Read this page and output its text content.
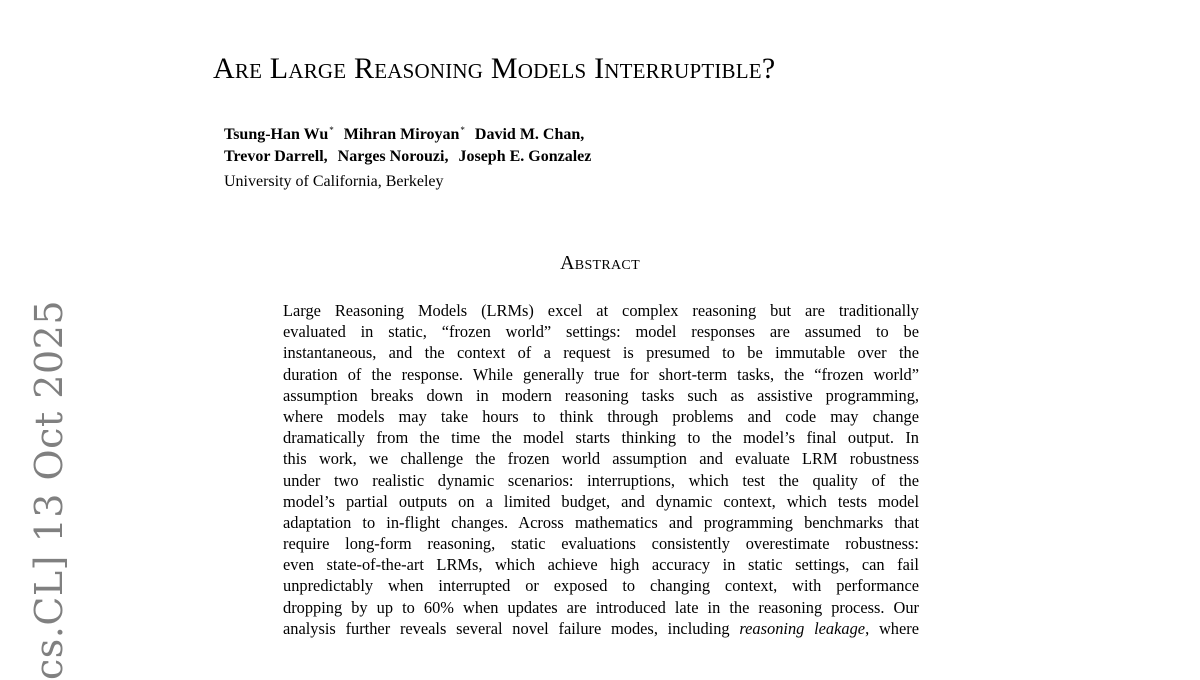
cs.CL] 13 Oct 2025
Are Large Reasoning Models Interruptible?
Tsung-Han Wu* Mihran Miroyan* David M. Chan,
Trevor Darrell, Narges Norouzi, Joseph E. Gonzalez
University of California, Berkeley
Abstract
Large Reasoning Models (LRMs) excel at complex reasoning but are traditionally
evaluated in static, “frozen world” settings: model responses are assumed to be
instantaneous, and the context of a request is presumed to be immutable over the
duration of the response. While generally true for short-term tasks, the “frozen world”
assumption breaks down in modern reasoning tasks such as assistive programming,
where models may take hours to think through problems and code may change
dramatically from the time the model starts thinking to the model’s final output. In
this work, we challenge the frozen world assumption and evaluate LRM robustness
under two realistic dynamic scenarios: interruptions, which test the quality of the
model’s partial outputs on a limited budget, and dynamic context, which tests model
adaptation to in-flight changes. Across mathematics and programming benchmarks that
require long-form reasoning, static evaluations consistently overestimate robustness:
even state-of-the-art LRMs, which achieve high accuracy in static settings, can fail
unpredictably when interrupted or exposed to changing context, with performance
dropping by up to 60% when updates are introduced late in the reasoning process. Our
analysis further reveals several novel failure modes, including reasoning leakage, where
